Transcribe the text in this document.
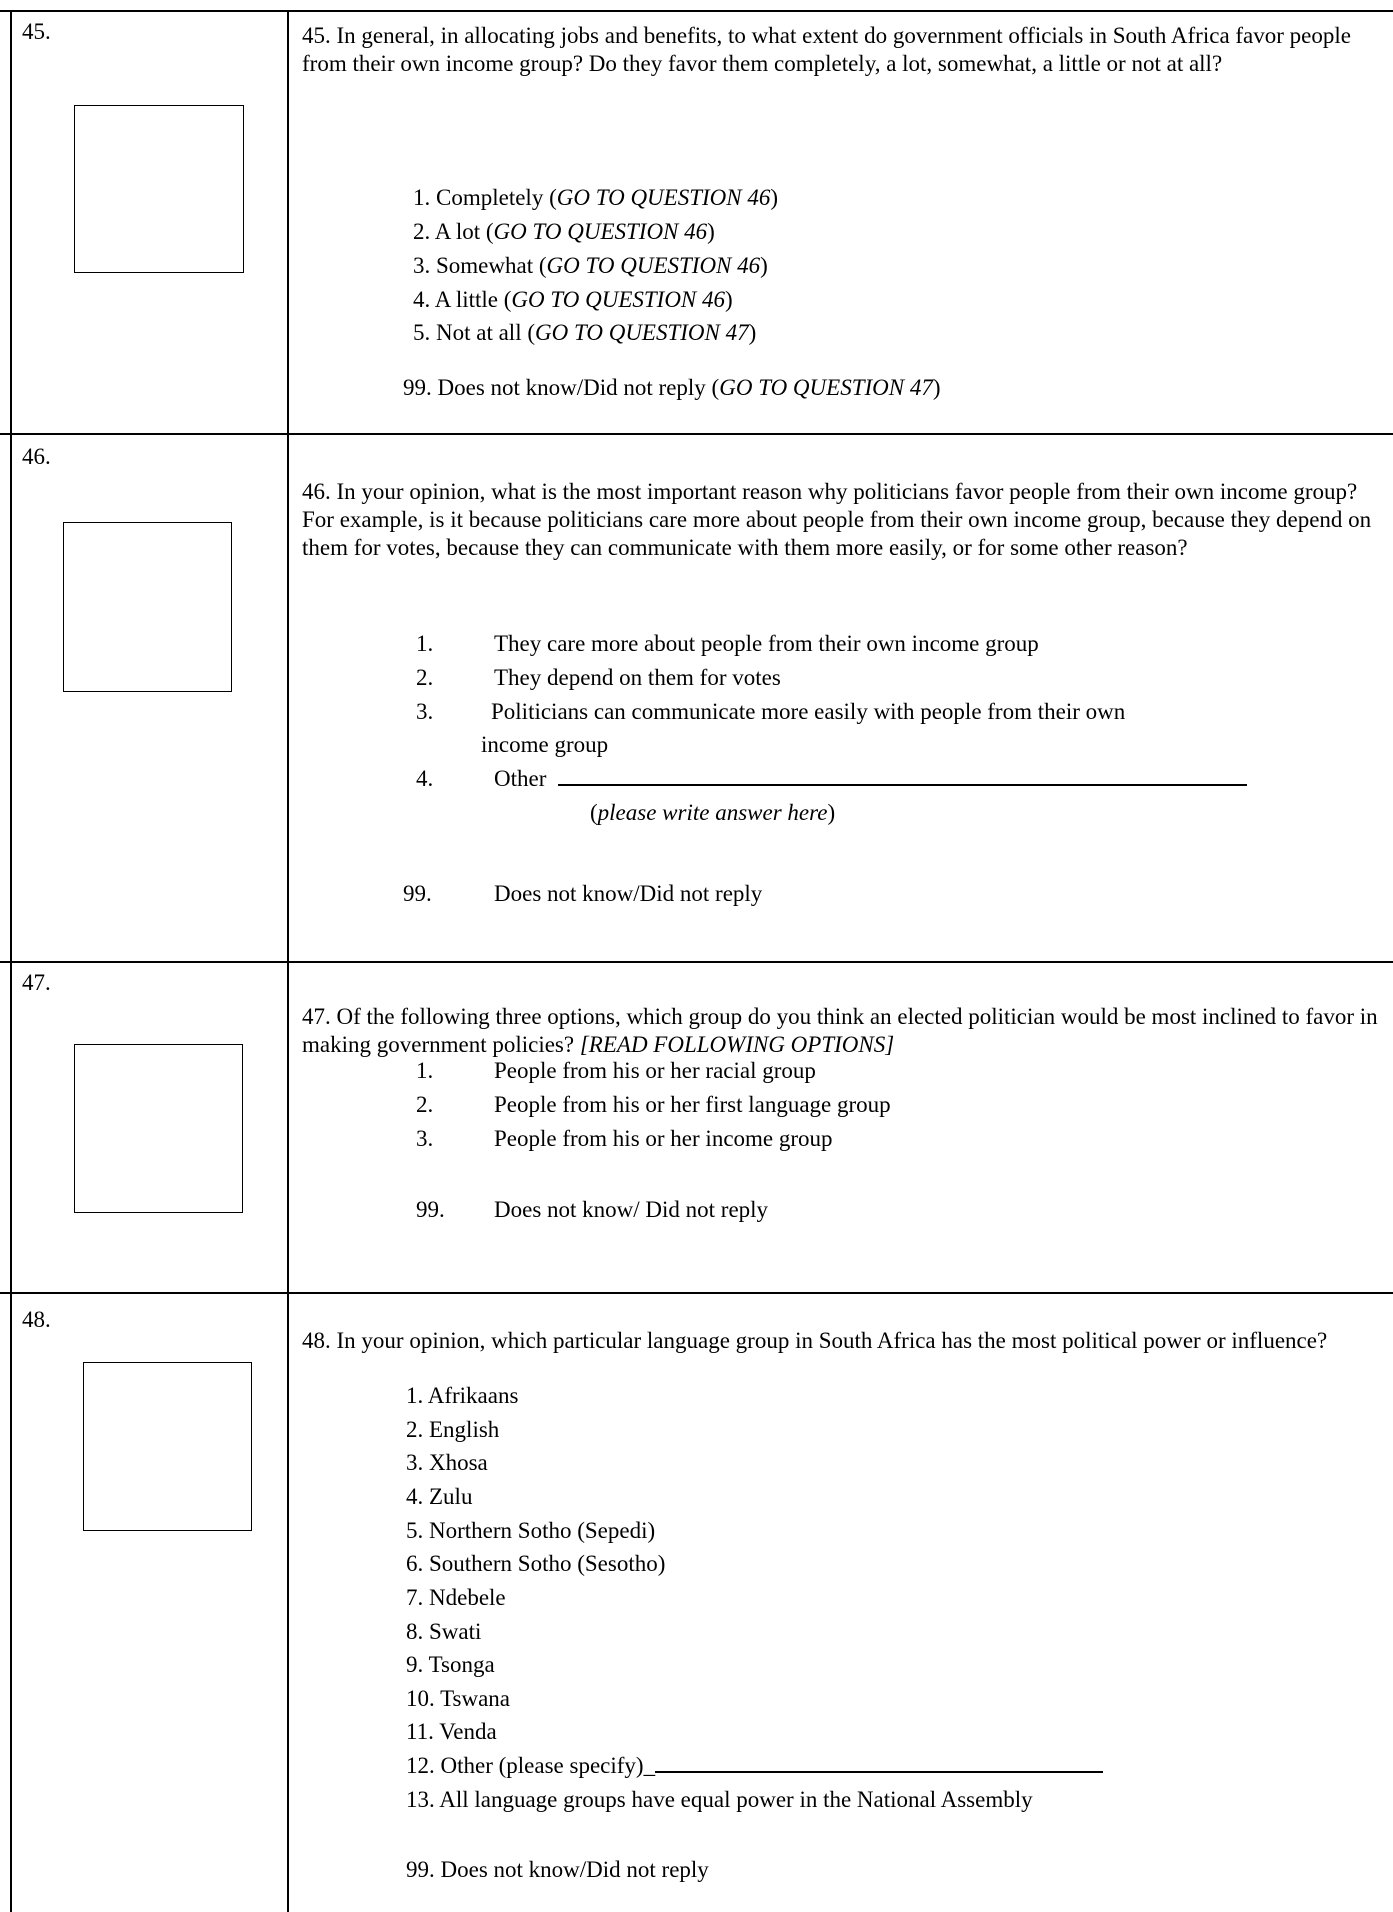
45.	45. In general, in allocating jobs and benefits, to what extent do government officials in South Africa favor people from their own income group? Do they favor them completely, a lot, somewhat, a little or not at all?
1. Completely (GO TO QUESTION 46)
2. A lot (GO TO QUESTION 46)
3. Somewhat (GO TO QUESTION 46)
4. A little (GO TO QUESTION 46)
5. Not at all (GO TO QUESTION 47)
99. Does not know/Did not reply (GO TO QUESTION 47)
46.
46. In your opinion, what is the most important reason why politicians favor people from their own income group? For example, is it because politicians care more about people from their own income group, because they depend on them for votes, because they can communicate with them more easily, or for some other reason?
1.	They care more about people from their own income group
2.	They depend on them for votes
3.	Politicians can communicate more easily with people from their own
income group
4.	Other
(please write answer here)
99.	Does not know/Did not reply
47.
47. Of the following three options, which group do you think an elected politician would be most inclined to favor in making government policies? [READ FOLLOWING OPTIONS]
1.	People from his or her racial group
2.	People from his or her first language group
3.	People from his or her income group
99. Does not know/ Did not reply
48.
48. In your opinion, which particular language group in South Africa has the most political power or influence?
1. Afrikaans
2. English
3. Xhosa
4. Zulu
5. Northern Sotho (Sepedi)
6. Southern Sotho (Sesotho)
7. Ndebele
8. Swati
9. Tsonga
10. Tswana
11. Venda
12. Other (please specify)_
13. All language groups have equal power in the National Assembly
99. Does not know/Did not reply
